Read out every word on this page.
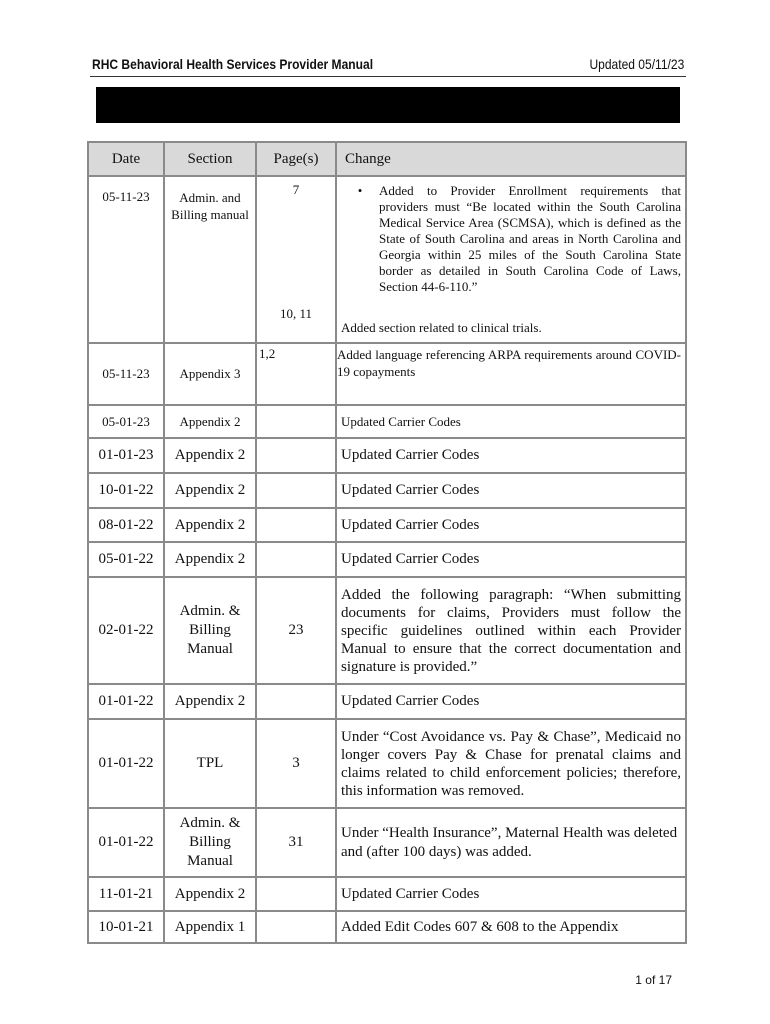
RHC Behavioral Health Services Provider Manual	Updated 05/11/23
Date	Section	Page(s)	Change
05-11-23	Admin. and Billing manual	7	• Added to Provider Enrollment requirements that providers must “Be located within the South Carolina Medical Service Area (SCMSA), which is defined as the State of South Carolina and areas in North Carolina and Georgia within 25 miles of the South Carolina State border as detailed in South Carolina Code of Laws, Section 44-6-110.”

		10, 11	Added section related to clinical trials.
05-11-23	Appendix 3	1,2	Added language referencing ARPA requirements around COVID-19 copayments
05-01-23	Appendix 2		Updated Carrier Codes
01-01-23	Appendix 2		Updated Carrier Codes
10-01-22	Appendix 2		Updated Carrier Codes
08-01-22	Appendix 2		Updated Carrier Codes
05-01-22	Appendix 2		Updated Carrier Codes
02-01-22	Admin. & Billing Manual	23	Added the following paragraph: “When submitting documents for claims, Providers must follow the specific guidelines outlined within each Provider Manual to ensure that the correct documentation and signature is provided.”
01-01-22	Appendix 2		Updated Carrier Codes
01-01-22	TPL	3	Under “Cost Avoidance vs. Pay & Chase”, Medicaid no longer covers Pay & Chase for prenatal claims and claims related to child enforcement policies; therefore, this information was removed.
01-01-22	Admin. & Billing Manual	31	Under “Health Insurance”, Maternal Health was deleted and (after 100 days) was added.
11-01-21	Appendix 2		Updated Carrier Codes
10-01-21	Appendix 1		Added Edit Codes 607 & 608 to the Appendix
1 of 17
